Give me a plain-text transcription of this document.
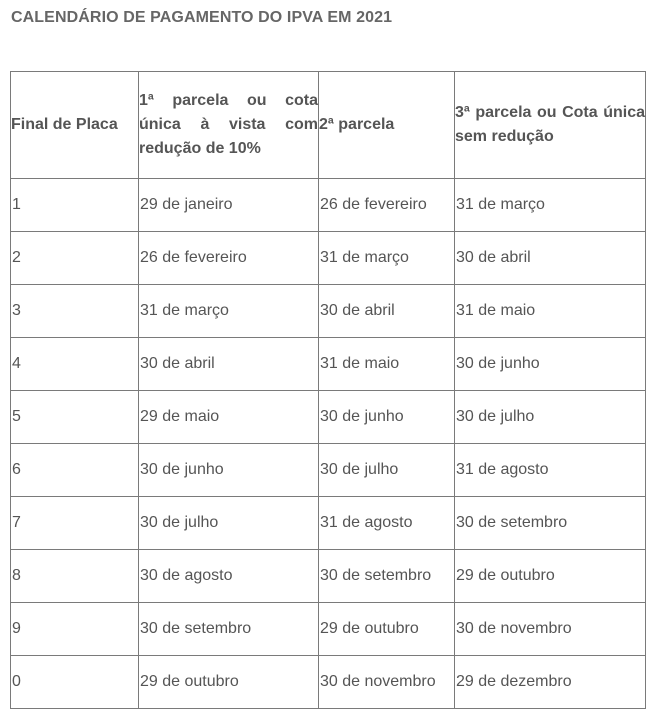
CALENDÁRIO DE PAGAMENTO DO IPVA EM 2021
Final de Placa	1ª parcela ou cota única à vista com redução de 10%	2ª parcela	3ª parcela ou Cota única sem redução
1	29 de janeiro	26 de fevereiro	31 de março
2	26 de fevereiro	31 de março	30 de abril
3	31 de março	30 de abril	31 de maio
4	30 de abril	31 de maio	30 de junho
5	29 de maio	30 de junho	30 de julho
6	30 de junho	30 de julho	31 de agosto
7	30 de julho	31 de agosto	30 de setembro
8	30 de agosto	30 de setembro	29 de outubro
9	30 de setembro	29 de outubro	30 de novembro
0	29 de outubro	30 de novembro	29 de dezembro
